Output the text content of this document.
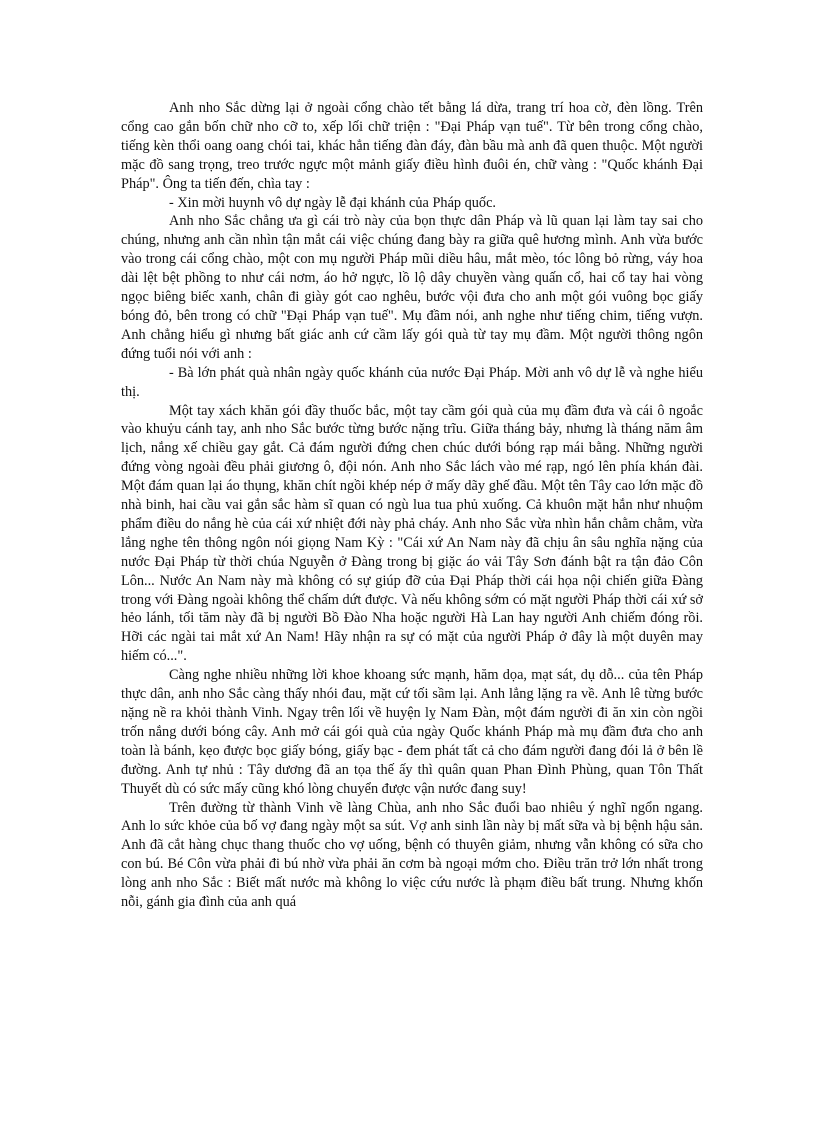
Anh nho Sắc dừng lại ở ngoài cổng chào tết bằng lá dừa, trang trí hoa cờ, đèn lồng. Trên cổng cao gắn bốn chữ nho cỡ to, xếp lối chữ triện : "Đại Pháp vạn tuế". Từ bên trong cổng chào, tiếng kèn thổi oang oang chói tai, khác hẳn tiếng đàn đáy, đàn bầu mà anh đã quen thuộc. Một người mặc đồ sang trọng, treo trước ngực một mảnh giấy điều hình đuôi én, chữ vàng : "Quốc khánh Đại Pháp". Ông ta tiến đến, chìa tay :

- Xin mời huynh vô dự ngày lễ đại khánh của Pháp quốc.

Anh nho Sắc chẳng ưa gì cái trò này của bọn thực dân Pháp và lũ quan lại làm tay sai cho chúng, nhưng anh cần nhìn tận mắt cái việc chúng đang bày ra giữa quê hương mình. Anh vừa bước vào trong cái cổng chào, một con mụ người Pháp mũi diều hâu, mắt mèo, tóc lông bỏ rừng, váy hoa dài lệt bệt phồng to như cái nơm, áo hở ngực, lồ lộ dây chuyền vàng quấn cổ, hai cổ tay hai vòng ngọc biêng biếc xanh, chân đi giày gót cao nghêu, bước vội đưa cho anh một gói vuông bọc giấy bóng đỏ, bên trong có chữ "Đại Pháp vạn tuế". Mụ đầm nói, anh nghe như tiếng chim, tiếng vượn. Anh chẳng hiểu gì nhưng bất giác anh cứ cầm lấy gói quà từ tay mụ đầm. Một người thông ngôn đứng tuổi nói với anh :

- Bà lớn phát quà nhân ngày quốc khánh của nước Đại Pháp. Mời anh vô dự lễ và nghe hiểu thị.

Một tay xách khăn gói đầy thuốc bắc, một tay cầm gói quà của mụ đầm đưa và cái ô ngoắc vào khuỷu cánh tay, anh nho Sắc bước từng bước nặng trĩu. Giữa tháng bảy, nhưng là tháng năm âm lịch, nắng xế chiều gay gắt. Cả đám người đứng chen chúc dưới bóng rạp mái bằng. Những người đứng vòng ngoài đều phải giương ô, đội nón. Anh nho Sắc lách vào mé rạp, ngó lên phía khán đài. Một đám quan lại áo thụng, khăn chít ngồi khép nép ở mấy dãy ghế đầu. Một tên Tây cao lớn mặc đồ nhà binh, hai cầu vai gắn sắc hàm sĩ quan có ngù lua tua phủ xuống. Cả khuôn mặt hắn như nhuộm phẩm điều do nắng hè của cái xứ nhiệt đới này phả cháy. Anh nho Sắc vừa nhìn hắn chằm chằm, vừa lắng nghe tên thông ngôn nói giọng Nam Kỳ : "Cái xứ An Nam này đã chịu ân sâu nghĩa nặng của nước Đại Pháp từ thời chúa Nguyễn ở Đàng trong bị giặc áo vải Tây Sơn đánh bật ra tận đảo Côn Lôn... Nước An Nam này mà không có sự giúp đỡ của Đại Pháp thời cái họa nội chiến giữa Đàng trong với Đàng ngoài không thể chấm dứt được. Và nếu không sớm có mặt người Pháp thời cái xứ sở hẻo lánh, tối tăm này đã bị người Bồ Đào Nha hoặc người Hà Lan hay người Anh chiếm đóng rồi. Hỡi các ngài tai mắt xứ An Nam! Hãy nhận ra sự có mặt của người Pháp ở đây là một duyên may hiếm có...".

Càng nghe nhiều những lời khoe khoang sức mạnh, hăm dọa, mạt sát, dụ dỗ... của tên Pháp thực dân, anh nho Sắc càng thấy nhói đau, mặt cứ tối sầm lại. Anh lẳng lặng ra về. Anh lê từng bước nặng nề ra khỏi thành Vinh. Ngay trên lối về huyện lỵ Nam Đàn, một đám người đi ăn xin còn ngồi trốn nắng dưới bóng cây. Anh mở cái gói quà của ngày Quốc khánh Pháp mà mụ đầm đưa cho anh toàn là bánh, kẹo được bọc giấy bóng, giấy bạc - đem phát tất cả cho đám người đang đói lả ở bên lề đường. Anh tự nhủ : Tây dương đã an tọa thế ấy thì quân quan Phan Đình Phùng, quan Tôn Thất Thuyết dù có sức mấy cũng khó lòng chuyển được vận nước đang suy!

Trên đường từ thành Vinh về làng Chùa, anh nho Sắc đuổi bao nhiêu ý nghĩ ngổn ngang. Anh lo sức khỏe của bố vợ đang ngày một sa sút. Vợ anh sinh lần này bị mất sữa và bị bệnh hậu sản. Anh đã cắt hàng chục thang thuốc cho vợ uống, bệnh có thuyên giảm, nhưng vẫn không có sữa cho con bú. Bé Côn vừa phải đi bú nhờ vừa phải ăn cơm bà ngoại mớm cho. Điều trăn trở lớn nhất trong lòng anh nho Sắc : Biết mất nước mà không lo việc cứu nước là phạm điều bất trung. Nhưng khốn nỗi, gánh gia đình của anh quá
